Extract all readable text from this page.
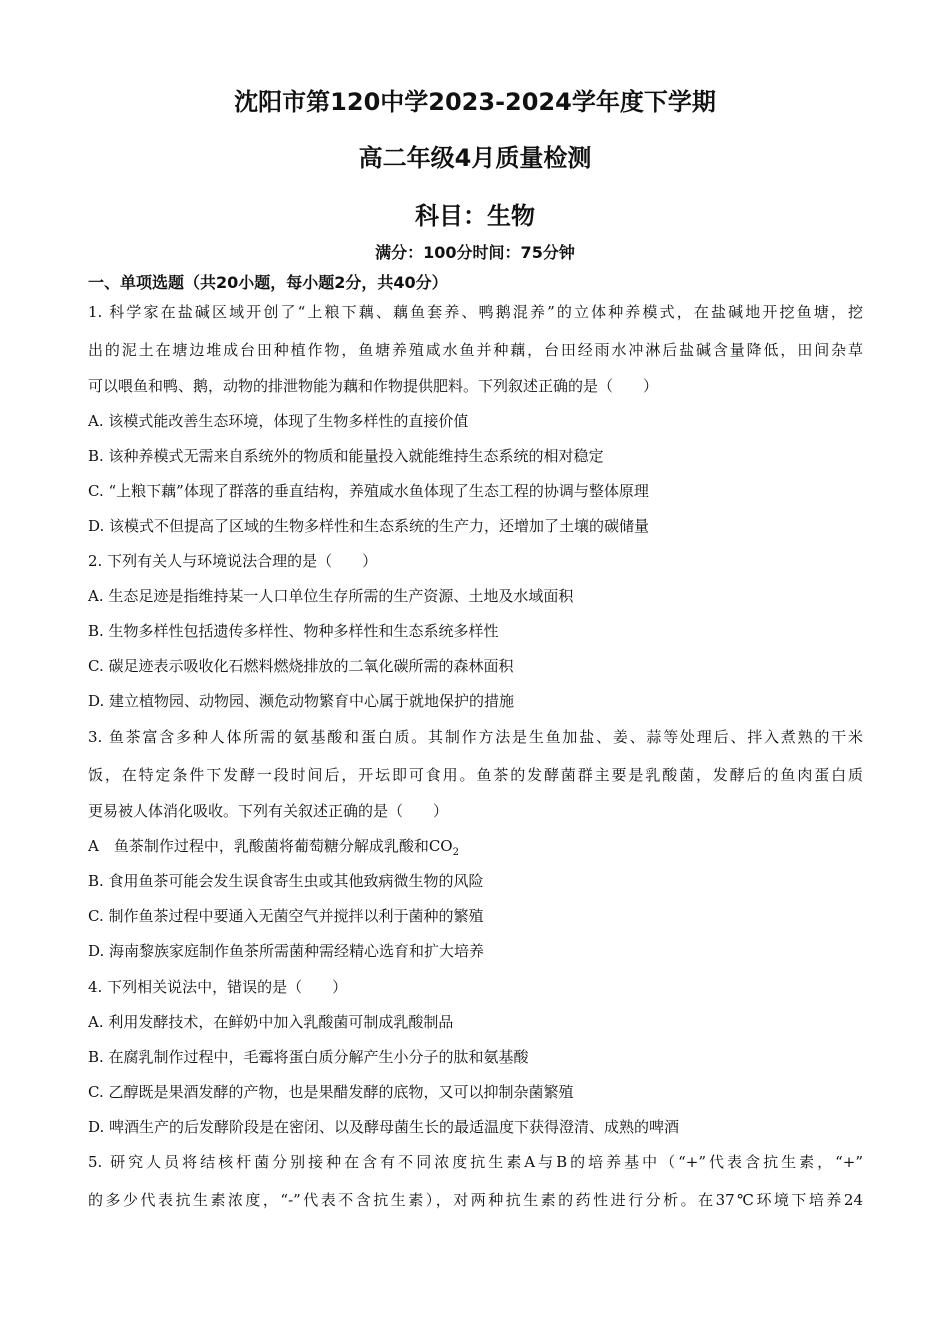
沈阳市第120中学2023-2024学年度下学期
高二年级4月质量检测
科目：生物
满分：100分时间：75分钟
一、单项选题（共20小题，每小题2分，共40分）
1. 科学家在盐碱区域开创了“上粮下藕、藕鱼套养、鸭鹅混养”的立体种养模式，在盐碱地开挖鱼塘，挖
出的泥土在塘边堆成台田种植作物，鱼塘养殖咸水鱼并种藕，台田经雨水冲淋后盐碱含量降低，田间杂草
可以喂鱼和鸭、鹅，动物的排泄物能为藕和作物提供肥料。下列叙述正确的是（　　）
A. 该模式能改善生态环境，体现了生物多样性的直接价值
B. 该种养模式无需来自系统外的物质和能量投入就能维持生态系统的相对稳定
C. “上粮下藕”体现了群落的垂直结构，养殖咸水鱼体现了生态工程的协调与整体原理
D. 该模式不但提高了区域的生物多样性和生态系统的生产力，还增加了土壤的碳储量
2. 下列有关人与环境说法合理的是（　　）
A. 生态足迹是指维持某一人口单位生存所需的生产资源、土地及水域面积
B. 生物多样性包括遗传多样性、物种多样性和生态系统多样性
C. 碳足迹表示吸收化石燃料燃烧排放的二氧化碳所需的森林面积
D. 建立植物园、动物园、濒危动物繁育中心属于就地保护的措施
3. 鱼茶富含多种人体所需的氨基酸和蛋白质。其制作方法是生鱼加盐、姜、蒜等处理后、拌入煮熟的干米
饭，在特定条件下发酵一段时间后，开坛即可食用。鱼茶的发酵菌群主要是乳酸菌，发酵后的鱼肉蛋白质
更易被人体消化吸收。下列有关叙述正确的是（　　）
A　鱼茶制作过程中，乳酸菌将葡萄糖分解成乳酸和$CO_2$
B. 食用鱼茶可能会发生误食寄生虫或其他致病微生物的风险
C. 制作鱼茶过程中要通入无菌空气并搅拌以利于菌种的繁殖
D. 海南黎族家庭制作鱼茶所需菌种需经精心选育和扩大培养
4. 下列相关说法中，错误的是（　　）
A. 利用发酵技术，在鲜奶中加入乳酸菌可制成乳酸制品
B. 在腐乳制作过程中，毛霉将蛋白质分解产生小分子的肽和氨基酸
C. 乙醇既是果酒发酵的产物，也是果醋发酵的底物，又可以抑制杂菌繁殖
D. 啤酒生产的后发酵阶段是在密闭、以及酵母菌生长的最适温度下获得澄清、成熟的啤酒
5. 研究人员将结核杆菌分别接种在含有不同浓度抗生素A与B的培养基中（“+”代表含抗生素，“+”
的多少代表抗生素浓度，“-”代表不含抗生素），对两种抗生素的药性进行分析。在37℃环境下培养24
